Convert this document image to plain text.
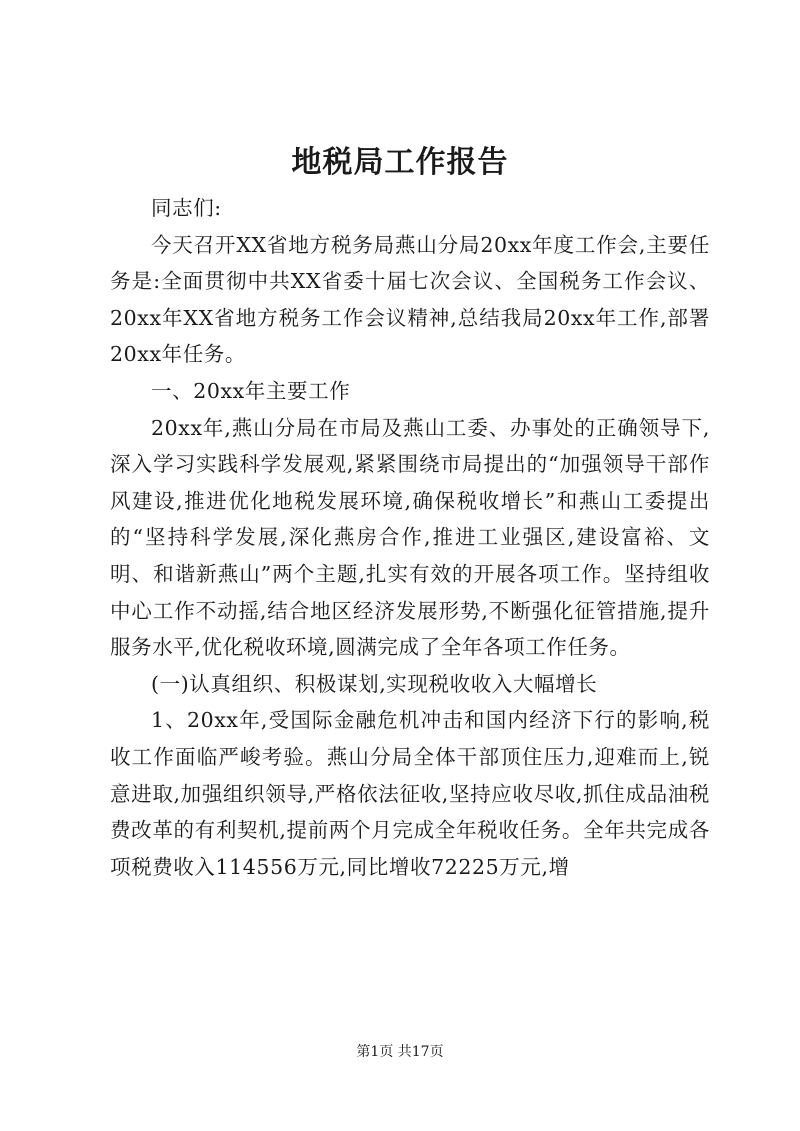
地税局工作报告

同志们:

今天召开XX省地方税务局燕山分局20xx年度工作会,主要任务是:全面贯彻中共XX省委十届七次会议、全国税务工作会议、20xx年XX省地方税务工作会议精神,总结我局20xx年工作,部署20xx年任务。

一、20xx年主要工作

20xx年,燕山分局在市局及燕山工委、办事处的正确领导下,深入学习实践科学发展观,紧紧围绕市局提出的“加强领导干部作风建设,推进优化地税发展环境,确保税收增长”和燕山工委提出的“坚持科学发展,深化燕房合作,推进工业强区,建设富裕、文明、和谐新燕山”两个主题,扎实有效的开展各项工作。坚持组收中心工作不动摇,结合地区经济发展形势,不断强化征管措施,提升服务水平,优化税收环境,圆满完成了全年各项工作任务。

(一)认真组织、积极谋划,实现税收收入大幅增长

1、20xx年,受国际金融危机冲击和国内经济下行的影响,税收工作面临严峻考验。燕山分局全体干部顶住压力,迎难而上,锐意进取,加强组织领导,严格依法征收,坚持应收尽收,抓住成品油税费改革的有利契机,提前两个月完成全年税收任务。全年共完成各项税费收入114556万元,同比增收72225万元,增

第1页 共17页
